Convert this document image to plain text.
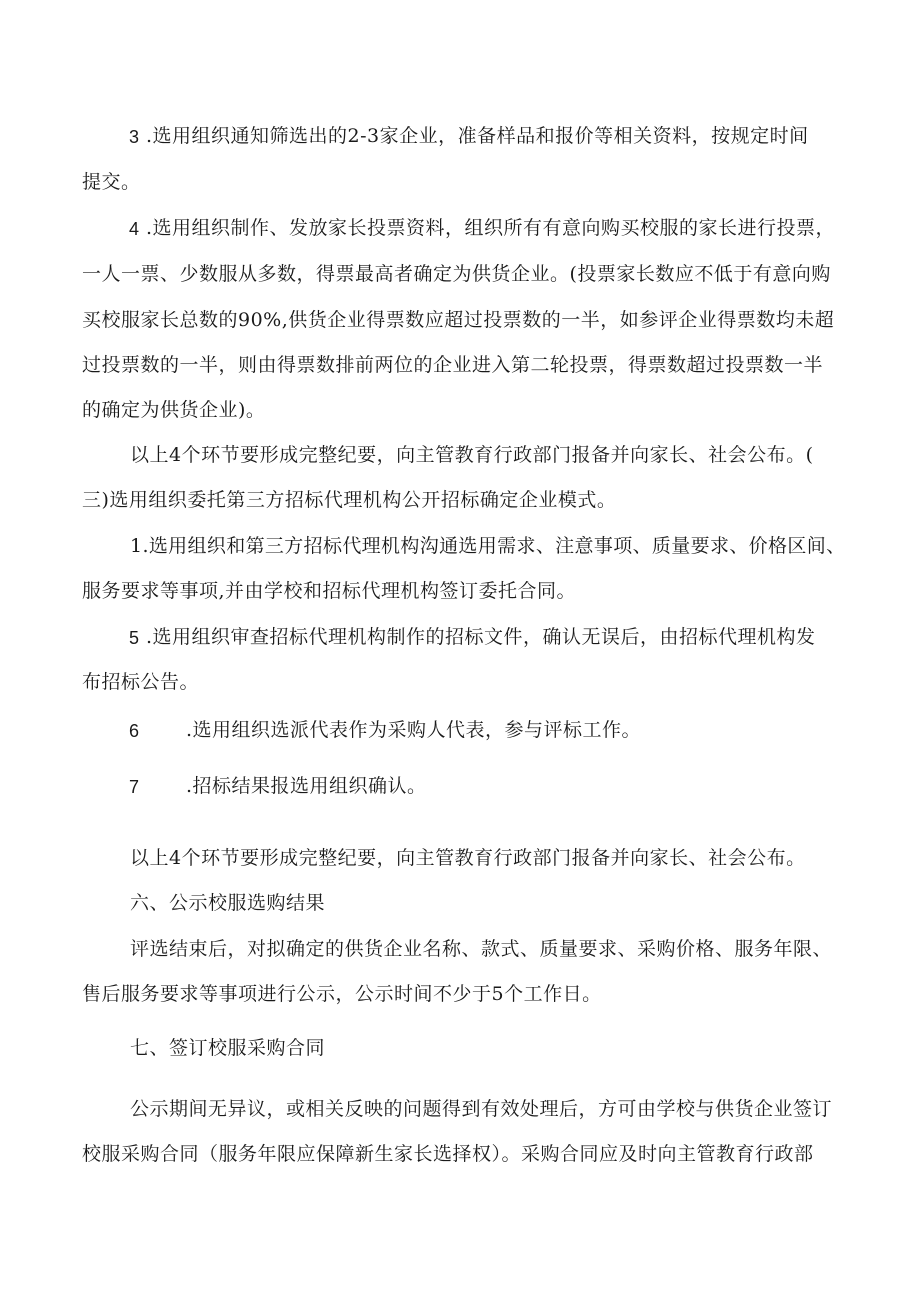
3 .选用组织通知筛选出的2-3家企业，准备样品和报价等相关资料，按规定时间
提交。
4 .选用组织制作、发放家长投票资料，组织所有有意向购买校服的家长进行投票，
一人一票、少数服从多数，得票最高者确定为供货企业。(投票家长数应不低于有意向购
买校服家长总数的90%,供货企业得票数应超过投票数的一半，如参评企业得票数均未超
过投票数的一半，则由得票数排前两位的企业进入第二轮投票，得票数超过投票数一半
的确定为供货企业)。
以上4个环节要形成完整纪要，向主管教育行政部门报备并向家长、社会公布。(
三)选用组织委托第三方招标代理机构公开招标确定企业模式。
1.选用组织和第三方招标代理机构沟通选用需求、注意事项、质量要求、价格区间、
服务要求等事项,并由学校和招标代理机构签订委托合同。
5 .选用组织审查招标代理机构制作的招标文件，确认无误后，由招标代理机构发
布招标公告。
6 .选用组织选派代表作为采购人代表，参与评标工作。
7 .招标结果报选用组织确认。
以上4个环节要形成完整纪要，向主管教育行政部门报备并向家长、社会公布。
六、公示校服选购结果
评选结束后，对拟确定的供货企业名称、款式、质量要求、采购价格、服务年限、
售后服务要求等事项进行公示，公示时间不少于5个工作日。
七、签订校服采购合同
公示期间无异议，或相关反映的问题得到有效处理后，方可由学校与供货企业签订
校服采购合同（服务年限应保障新生家长选择权）。采购合同应及时向主管教育行政部
